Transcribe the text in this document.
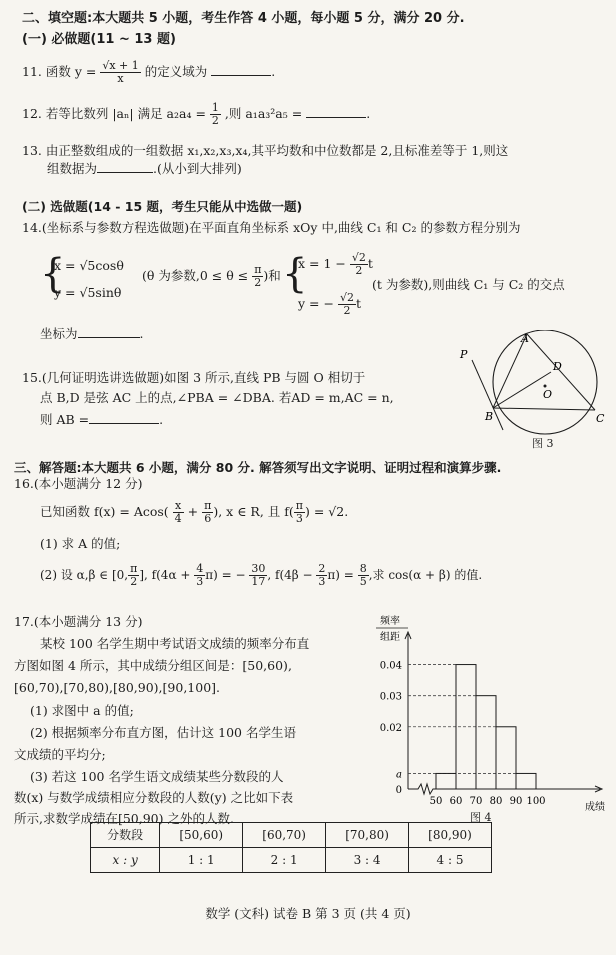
二、填空题:本大题共 5 小题，考生作答 4 小题，每小题 5 分，满分 20 分.
(一) 必做题(11 ~ 13 题)
11. 函数 $y = \frac{√x + 1}{x}$ 的定义域为	.
12. 若等比数列 |aₙ| 满足 $a_2a_4 = \frac{1}{2}$ ,则 a₁a₃²a₅ =	.
13. 由正整数组成的一组数据 x₁,x₂,x₃,x₄,其平均数和中位数都是 2,且标准差等于 1,则这
组数据为	.(从小到大排列)
(二) 选做题(14 - 15 题，考生只能从中选做一题)
14.(坐标系与参数方程选做题)在平面直角坐标系 xOy 中,曲线 C₁ 和 C₂ 的参数方程分别为
{
x = √5cosθ
y = √5sinθ
(θ 为参数$,0 \le \theta \le \frac{\pi}{2}$ )和 {
$x = 1 - \frac{√2}{2}$ t
y = − $\frac{√2}{2}$ t
(t 为参数),则曲线 C₁ 与 C₂ 的交点
坐标为	.
15.(几何证明选讲选做题)如图 3 所示,直线 PB 与圆 O 相切于
点 B,D 是弦 AC 上的点,∠PBA = ∠DBA. 若AD = m,AC = n,
则 AB =	.
P
A
D
O
B	C
图 3
三、解答题:本大题共 6 小题，满分 80 分. 解答须写出文字说明、证明过程和演算步骤.
16.(本小题满分 12 分)
已知函数 $f(x) = Acos( \frac{x}{4} + \frac{\pi}{6}$ ), x ∈ R, 且 $f( \frac{\pi}{3}$ ) = √2.
(1) 求 A 的值;
(2) 设 α,β ∈ [0, $\frac{\pi}{2}$ ], $f(4\alpha + \frac{4}{3} \pi)$ = − $\frac{30}{17}$ , $f(4\beta - \frac{2}{3} \pi) = \frac{8}{5}$ ,求 cos(α + β) 的值.
17.(本小题满分 13 分)
某校 100 名学生期中考试语文成绩的频率分布直
方图如图 4 所示，其中成绩分组区间是：[50,60),
[60,70),[70,80),[80,90),[90,100].
(1) 求图中 a 的值;
(2) 根据频率分布直方图，估计这 100 名学生语
文成绩的平均分;
(3) 若这 100 名学生语文成绩某些分数段的人
数(x) 与数学成绩相应分数段的人数(y) 之比如下表
所示,求数学成绩在[50,90) 之外的人数.
频率
组距
0.04
0.03
0.02
a
0
50 60 70 80 90 100
成绩
图 4
分数段	[50,60)	[60,70)	[70,80)	[80,90)
x : y	1 : 1	2 : 1	3 : 4	4 : 5
数学 (文科) 试卷 B 第 3 页 (共 4 页)
